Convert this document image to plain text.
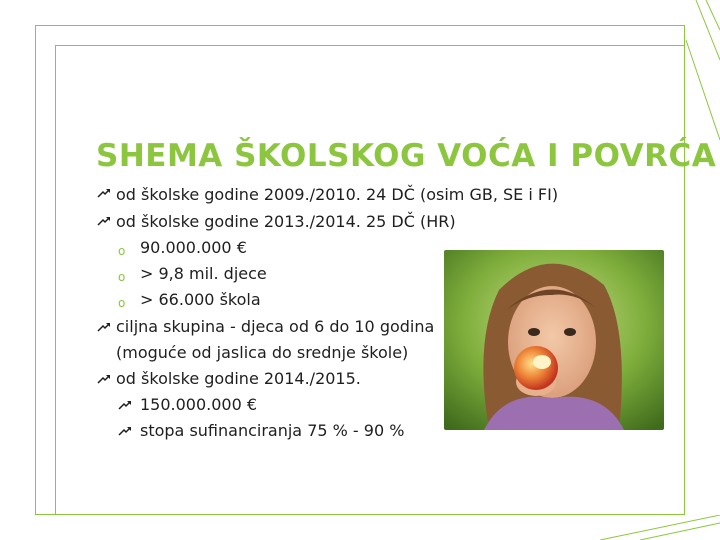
SHEMA ŠKOLSKOG VOĆA I POVRĆA
o
o
o
od školske godine 2009./2010. 24 DČ (osim GB, SE i FI)
od školske godine 2013./2014. 25 DČ (HR)
90.000.000 €
> 9,8 mil. djece
> 66.000 škola
ciljna skupina - djeca od 6 do 10 godina
(moguće od jaslica do srednje škole)
od školske godine 2014./2015.
150.000.000 €
stopa sufinanciranja 75 % - 90 %
